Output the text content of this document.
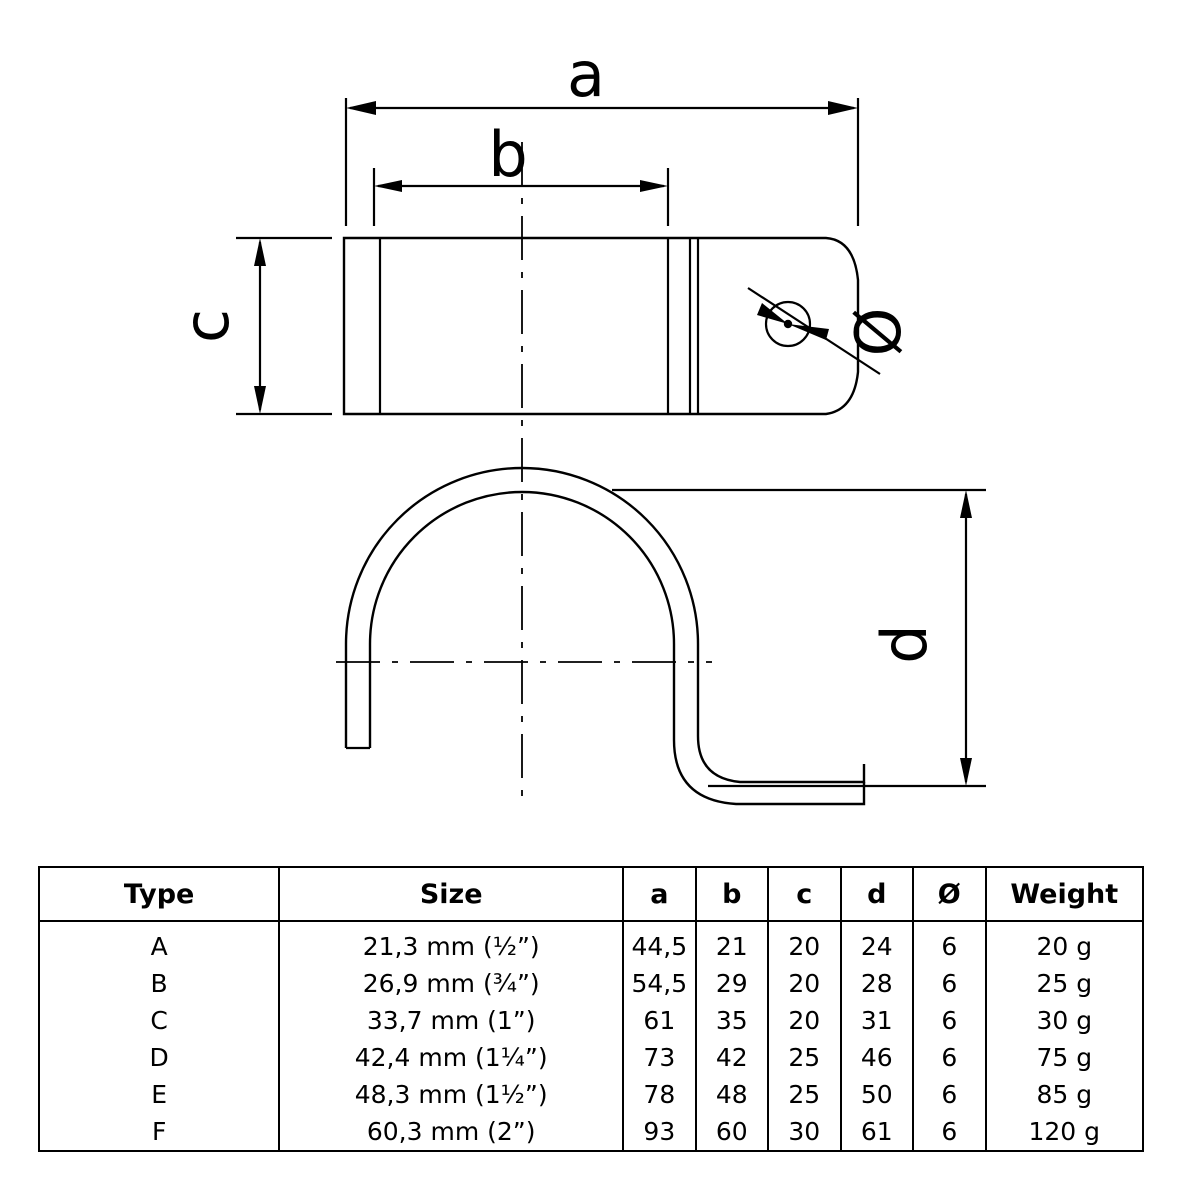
a
b
c
d
Ø
Type	Size	a	b	c	d	Ø	Weight
A	21,3 mm (½”)	44,5	21	20	24	6	20 g
B	26,9 mm (¾”)	54,5	29	20	28	6	25 g
C	33,7 mm (1”)	61	35	20	31	6	30 g
D	42,4 mm (1¼”)	73	42	25	46	6	75 g
E	48,3 mm (1½”)	78	48	25	50	6	85 g
F	60,3 mm (2”)	93	60	30	61	6	120 g
